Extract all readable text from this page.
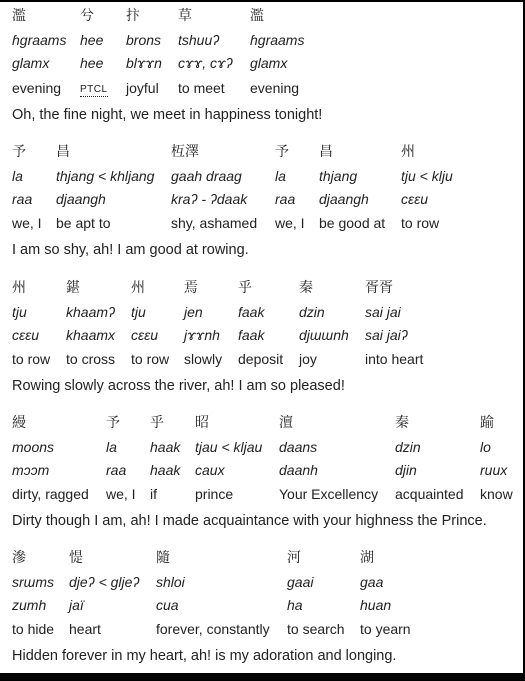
濫	兮	抃	草	濫
ɦgraams	hee	brons	tshuuʔ	ɦgraams
glamx	hee	blɤɤn	cɤɤ, cɤʔ	glamx
evening	PTCL	joyful	to meet	evening
Oh, the fine night, we meet in happiness tonight!
予	昌	枑澤	予	昌	州
la	thjang < khljang	gaah draag	la	thjang	tju < klju
raa	djaangh	kraʔ - ʔdaak	raa	djaangh	cɛɛu
we, I	be apt to	shy, ashamed	we, I	be good at	to row
I am so shy, ah! I am good at rowing.
州	鍖	州	焉	乎	秦	胥胥
tju	khaamʔ	tju	jen	faak	dzin	sai jai
cɛɛu	khaamx	cɛɛu	jɤɤnh	faak	djɯɯnh	sai jaiʔ
to row	to cross	to row	slowly	deposit	joy	into heart
Rowing slowly across the river, ah! I am so pleased!
縵	予	乎	昭	澶	秦	踰
moons	la	haak	tjau < kljau	daans	dzin	lo
mɔɔm	raa	haak	caux	daanh	djin	ruux
dirty, ragged	we, I	if	prince	Your Excellency	acquainted	know
Dirty though I am, ah! I made acquaintance with your highness the Prince.
滲	惿	隨	河	湖
srɯms	djeʔ < gljeʔ	shloi	gaai	gaa
zumh	jaï	cua	ha	huan
to hide	heart	forever, constantly	to search	to yearn
Hidden forever in my heart, ah! is my adoration and longing.
